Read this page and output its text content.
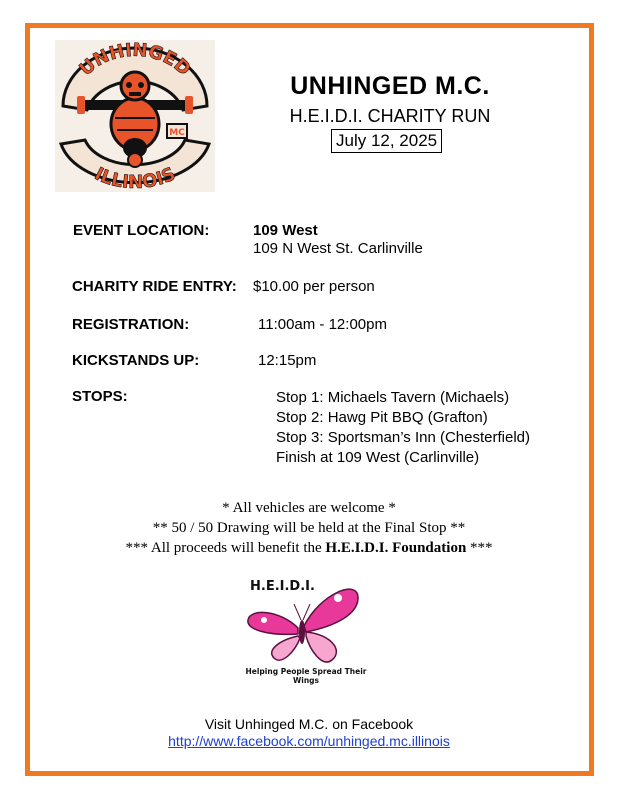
UNHINGED
ILLINOIS
MC
UNHINGED M.C.
H.E.I.D.I. CHARITY RUN
July 12, 2025
EVENT LOCATION:	109 West
109 N West St. Carlinville
CHARITY RIDE ENTRY: $10.00 per person
REGISTRATION:	11:00am - 12:00pm
KICKSTANDS UP:	12:15pm
STOPS:	Stop 1: Michaels Tavern (Michaels)
Stop 2: Hawg Pit BBQ (Grafton)
Stop 3: Sportsman’s Inn (Chesterfield)
Finish at 109 West (Carlinville)
* All vehicles are welcome *
** 50 / 50 Drawing will be held at the Final Stop **
*** All proceeds will benefit the H.E.I.D.I. Foundation ***
H.E.I.D.I.
Helping People Spread Their
Wings
Visit Unhinged M.C. on Facebook
http://www.facebook.com/unhinged.mc.illinois
